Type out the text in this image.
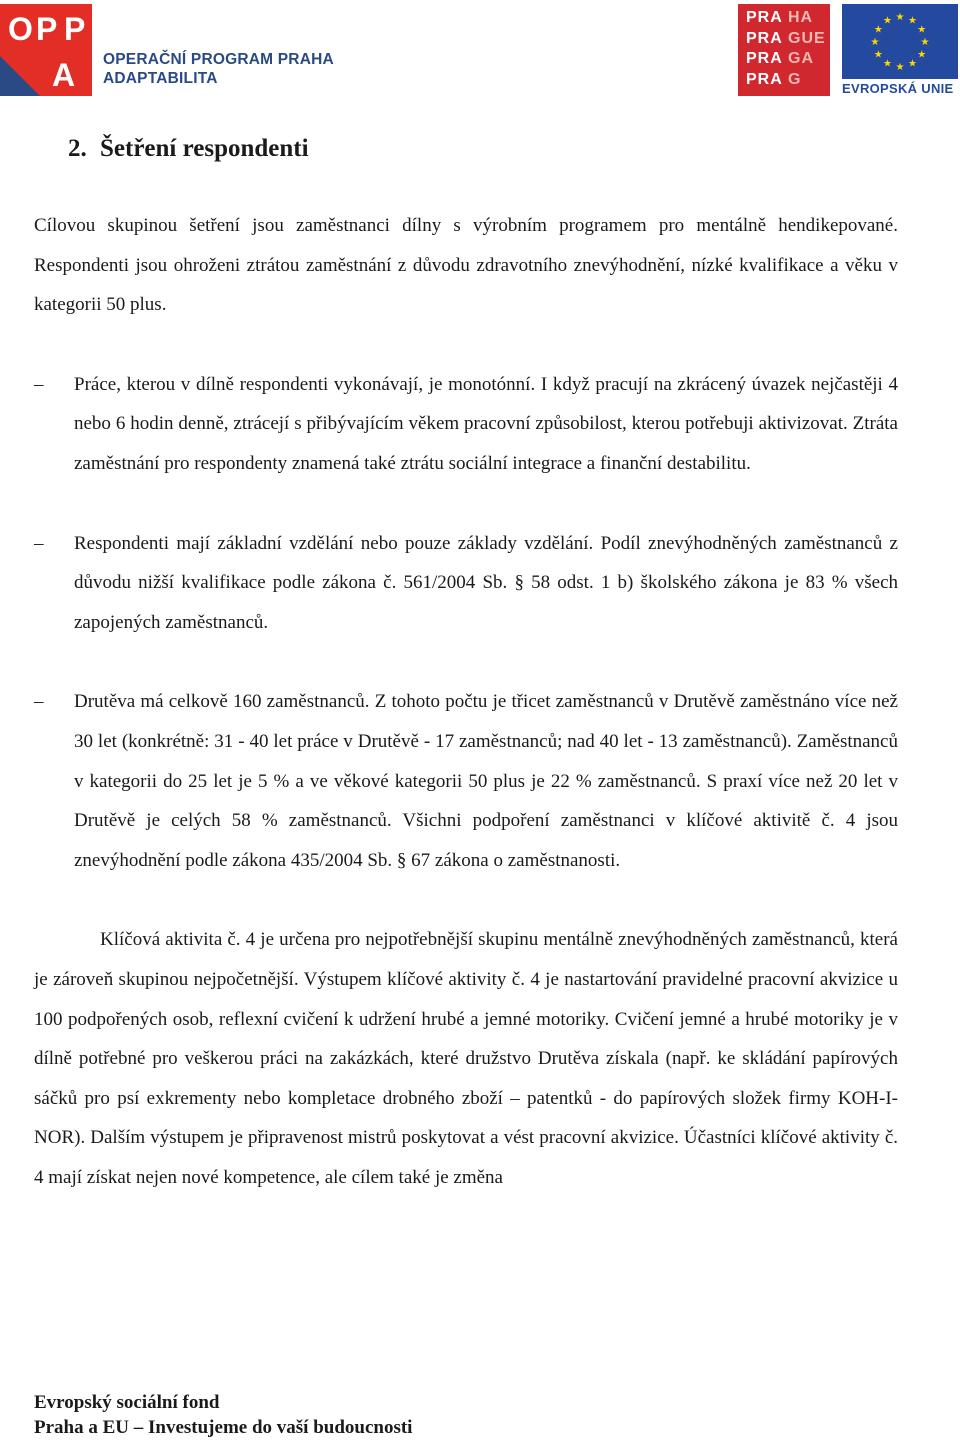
O P P
A OPERAČNÍ PROGRAM PRAHA
ADAPTABILITA
PRA HA
PRA GUE
PRA GA
PRA G
★ ★
★
★
★
★
★
★
★
★
★
★
EVROPSKÁ UNIE
2. Šetření respondenti

Cílovou skupinou šetření jsou zaměstnanci dílny s výrobním programem pro mentálně hendikepované. Respondenti jsou ohroženi ztrátou zaměstnání z důvodu zdravotního znevýhodnění, nízké kvalifikace a věku v kategorii 50 plus.

– Práce, kterou v dílně respondenti vykonávají, je monotónní. I když pracují na zkrácený úvazek nejčastěji 4 nebo 6 hodin denně, ztrácejí s přibývajícím věkem pracovní způsobilost, kterou potřebuji aktivizovat. Ztráta zaměstnání pro respondenty znamená také ztrátu sociální integrace a finanční destabilitu.

– Respondenti mají základní vzdělání nebo pouze základy vzdělání. Podíl znevýhodněných zaměstnanců z důvodu nižší kvalifikace podle zákona č. 561/2004 Sb. § 58 odst. 1 b) školského zákona je 83 % všech zapojených zaměstnanců.

– Drutěva má celkově 160 zaměstnanců. Z tohoto počtu je třicet zaměstnanců v Drutěvě zaměstnáno více než 30 let (konkrétně: 31 - 40 let práce v Drutěvě - 17 zaměstnanců; nad 40 let - 13 zaměstnanců). Zaměstnanců v kategorii do 25 let je 5 % a ve věkové kategorii 50 plus je 22 % zaměstnanců. S praxí více než 20 let v Drutěvě je celých 58 % zaměstnanců. Všichni podpoření zaměstnanci v klíčové aktivitě č. 4 jsou znevýhodnění podle zákona 435/2004 Sb. § 67 zákona o zaměstnanosti.

Klíčová aktivita č. 4 je určena pro nejpotřebnější skupinu mentálně znevýhodněných zaměstnanců, která je zároveň skupinou nejpočetnější. Výstupem klíčové aktivity č. 4 je nastartování pravidelné pracovní akvizice u 100 podpořených osob, reflexní cvičení k udržení hrubé a jemné motoriky. Cvičení jemné a hrubé motoriky je v dílně potřebné pro veškerou práci na zakázkách, které družstvo Drutěva získala (např. ke skládání papírových sáčků pro psí exkrementy nebo kompletace drobného zboží – patentků - do papírových složek firmy KOH-I-NOR). Dalším výstupem je připravenost mistrů poskytovat a vést pracovní akvizice. Účastníci klíčové aktivity č. 4 mají získat nejen nové kompetence, ale cílem také je změna

Evropský sociální fond
Praha a EU – Investujeme do vaší budoucnosti
